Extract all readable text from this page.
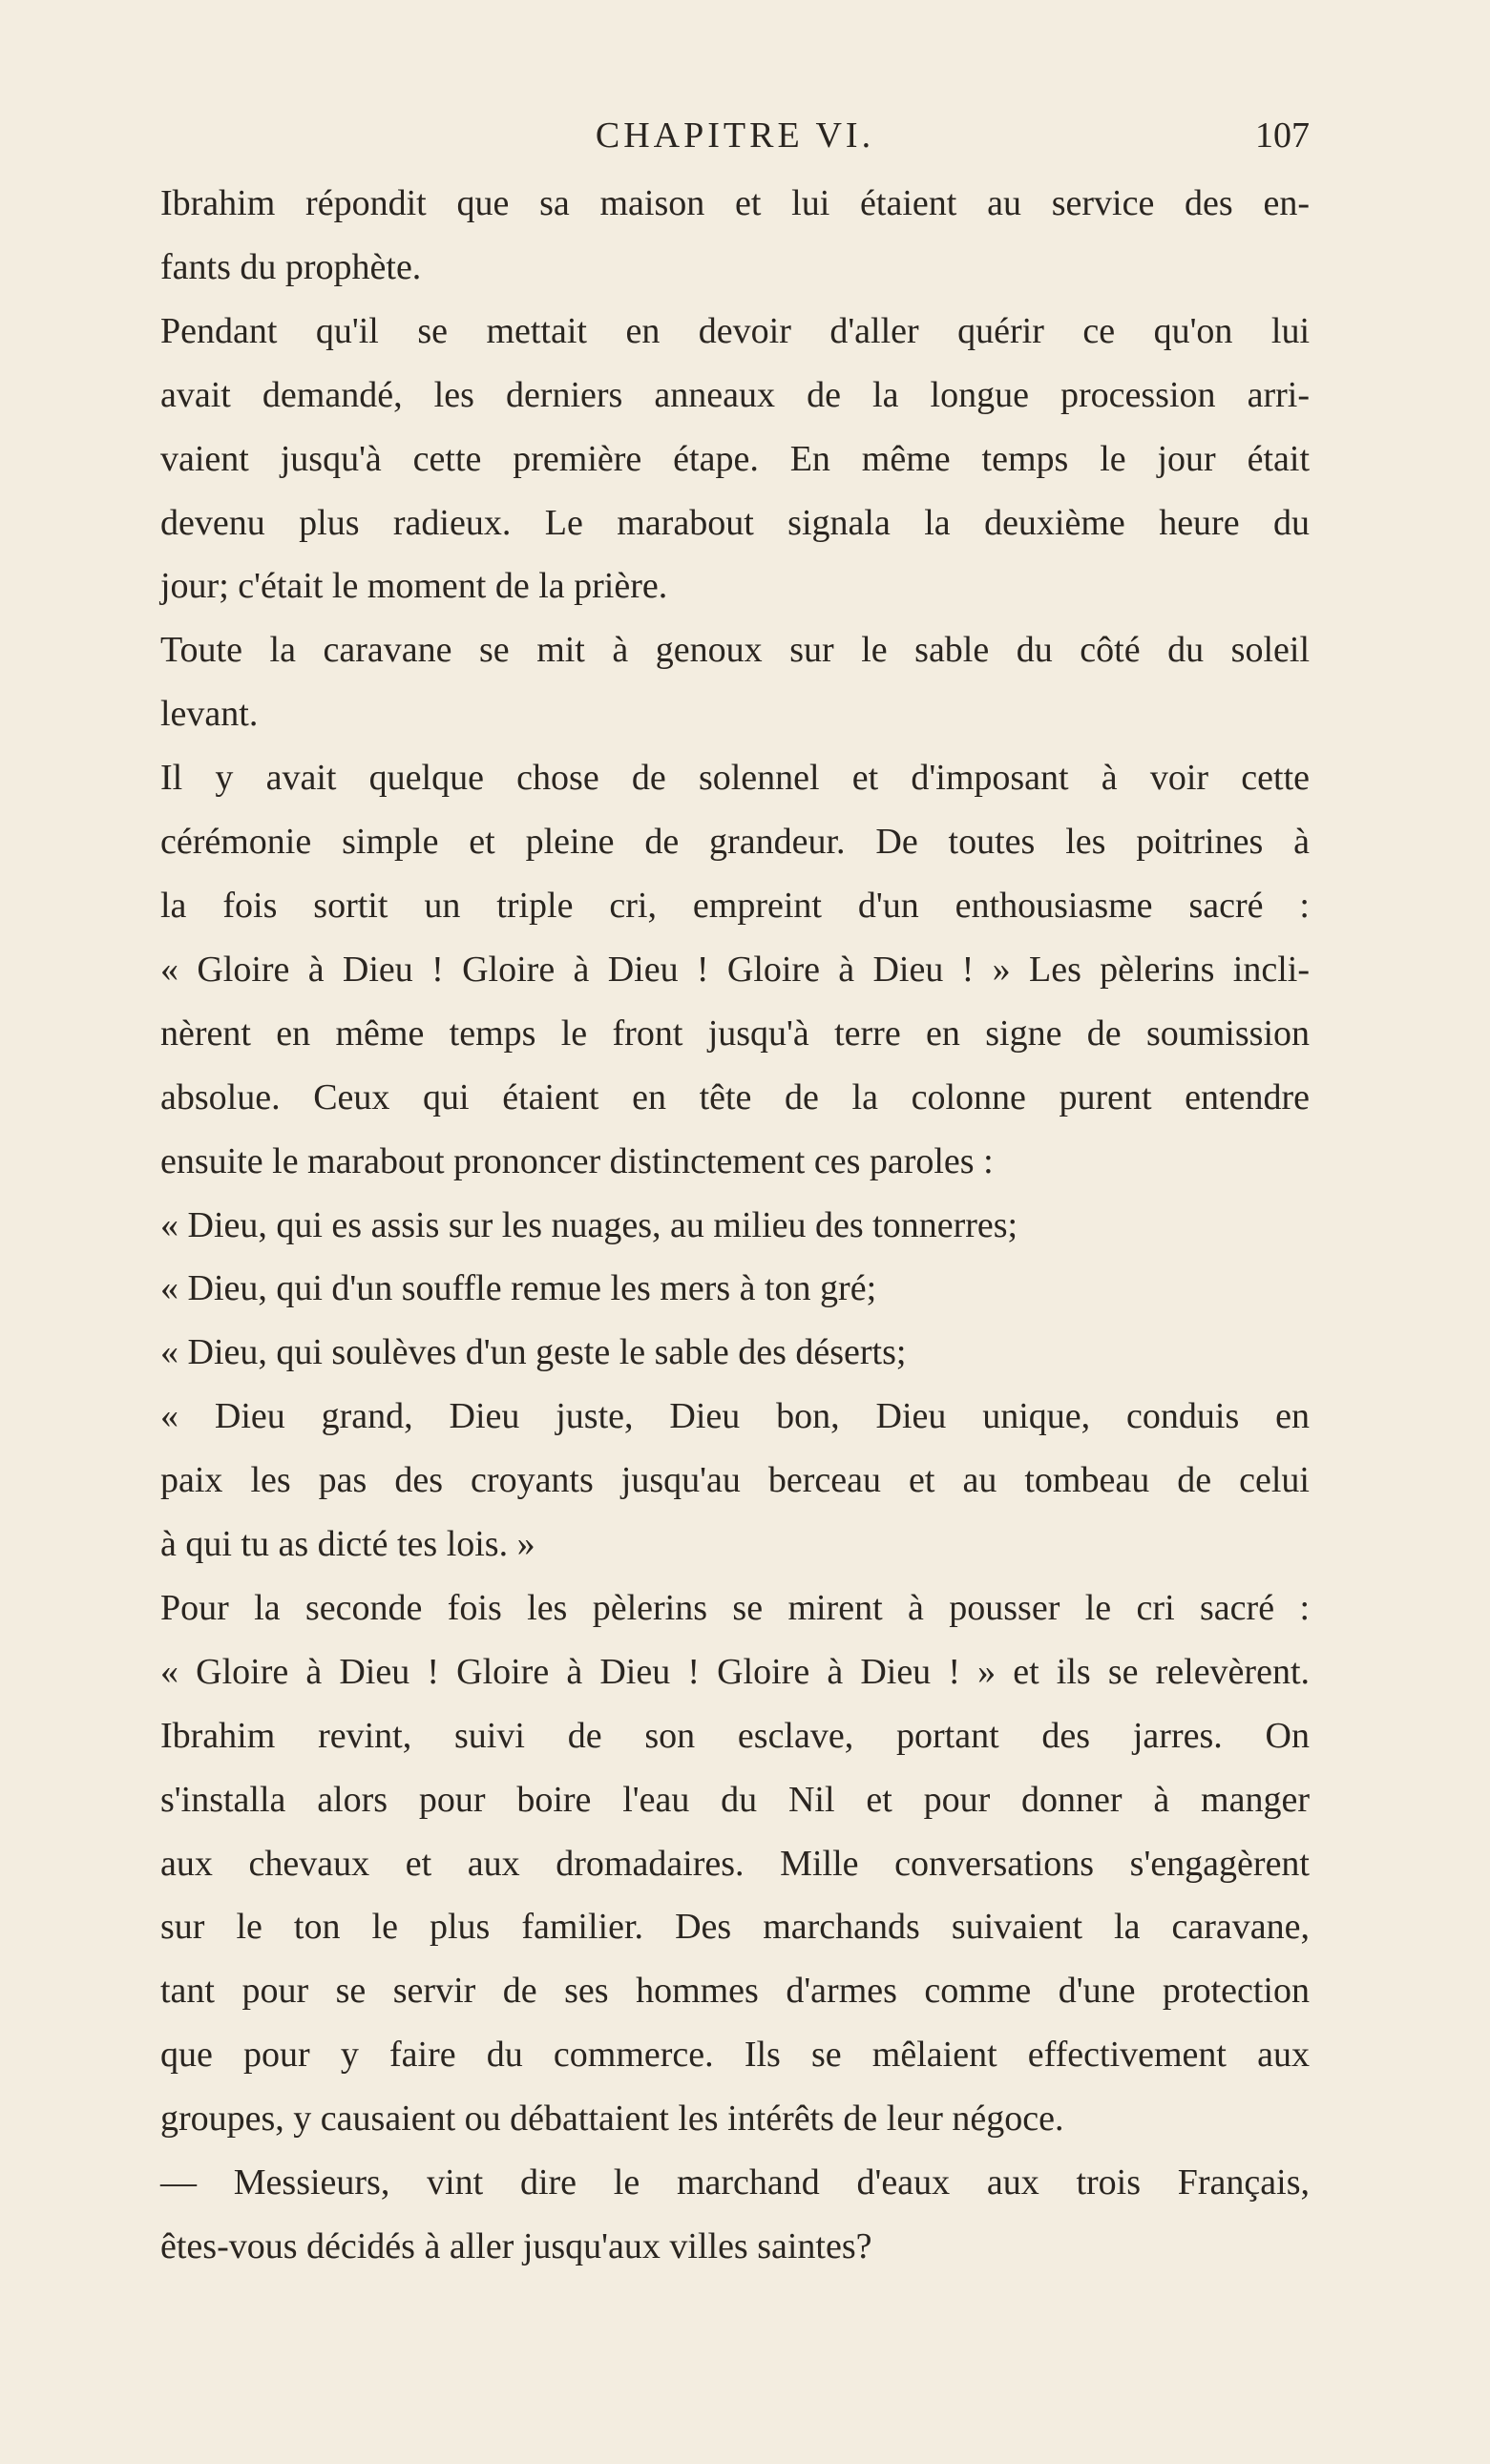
CHAPITRE VI.	107
Ibrahim répondit que sa maison et lui étaient au service des en-
fants du prophète.
Pendant qu'il se mettait en devoir d'aller quérir ce qu'on lui
avait demandé, les derniers anneaux de la longue procession arri-
vaient jusqu'à cette première étape. En même temps le jour était
devenu plus radieux. Le marabout signala la deuxième heure du
jour; c'était le moment de la prière.
Toute la caravane se mit à genoux sur le sable du côté du soleil
levant.
Il y avait quelque chose de solennel et d'imposant à voir cette
cérémonie simple et pleine de grandeur. De toutes les poitrines à
la fois sortit un triple cri, empreint d'un enthousiasme sacré :
« Gloire à Dieu ! Gloire à Dieu ! Gloire à Dieu ! » Les pèlerins incli-
nèrent en même temps le front jusqu'à terre en signe de soumission
absolue. Ceux qui étaient en tête de la colonne purent entendre
ensuite le marabout prononcer distinctement ces paroles :
« Dieu, qui es assis sur les nuages, au milieu des tonnerres;
« Dieu, qui d'un souffle remue les mers à ton gré;
« Dieu, qui soulèves d'un geste le sable des déserts;
« Dieu grand, Dieu juste, Dieu bon, Dieu unique, conduis en
paix les pas des croyants jusqu'au berceau et au tombeau de celui
à qui tu as dicté tes lois. »
Pour la seconde fois les pèlerins se mirent à pousser le cri sacré :
« Gloire à Dieu ! Gloire à Dieu ! Gloire à Dieu ! » et ils se relevèrent.
Ibrahim revint, suivi de son esclave, portant des jarres. On
s'installa alors pour boire l'eau du Nil et pour donner à manger
aux chevaux et aux dromadaires. Mille conversations s'engagèrent
sur le ton le plus familier. Des marchands suivaient la caravane,
tant pour se servir de ses hommes d'armes comme d'une protection
que pour y faire du commerce. Ils se mêlaient effectivement aux
groupes, y causaient ou débattaient les intérêts de leur négoce.
— Messieurs, vint dire le marchand d'eaux aux trois Français,
êtes-vous décidés à aller jusqu'aux villes saintes?
